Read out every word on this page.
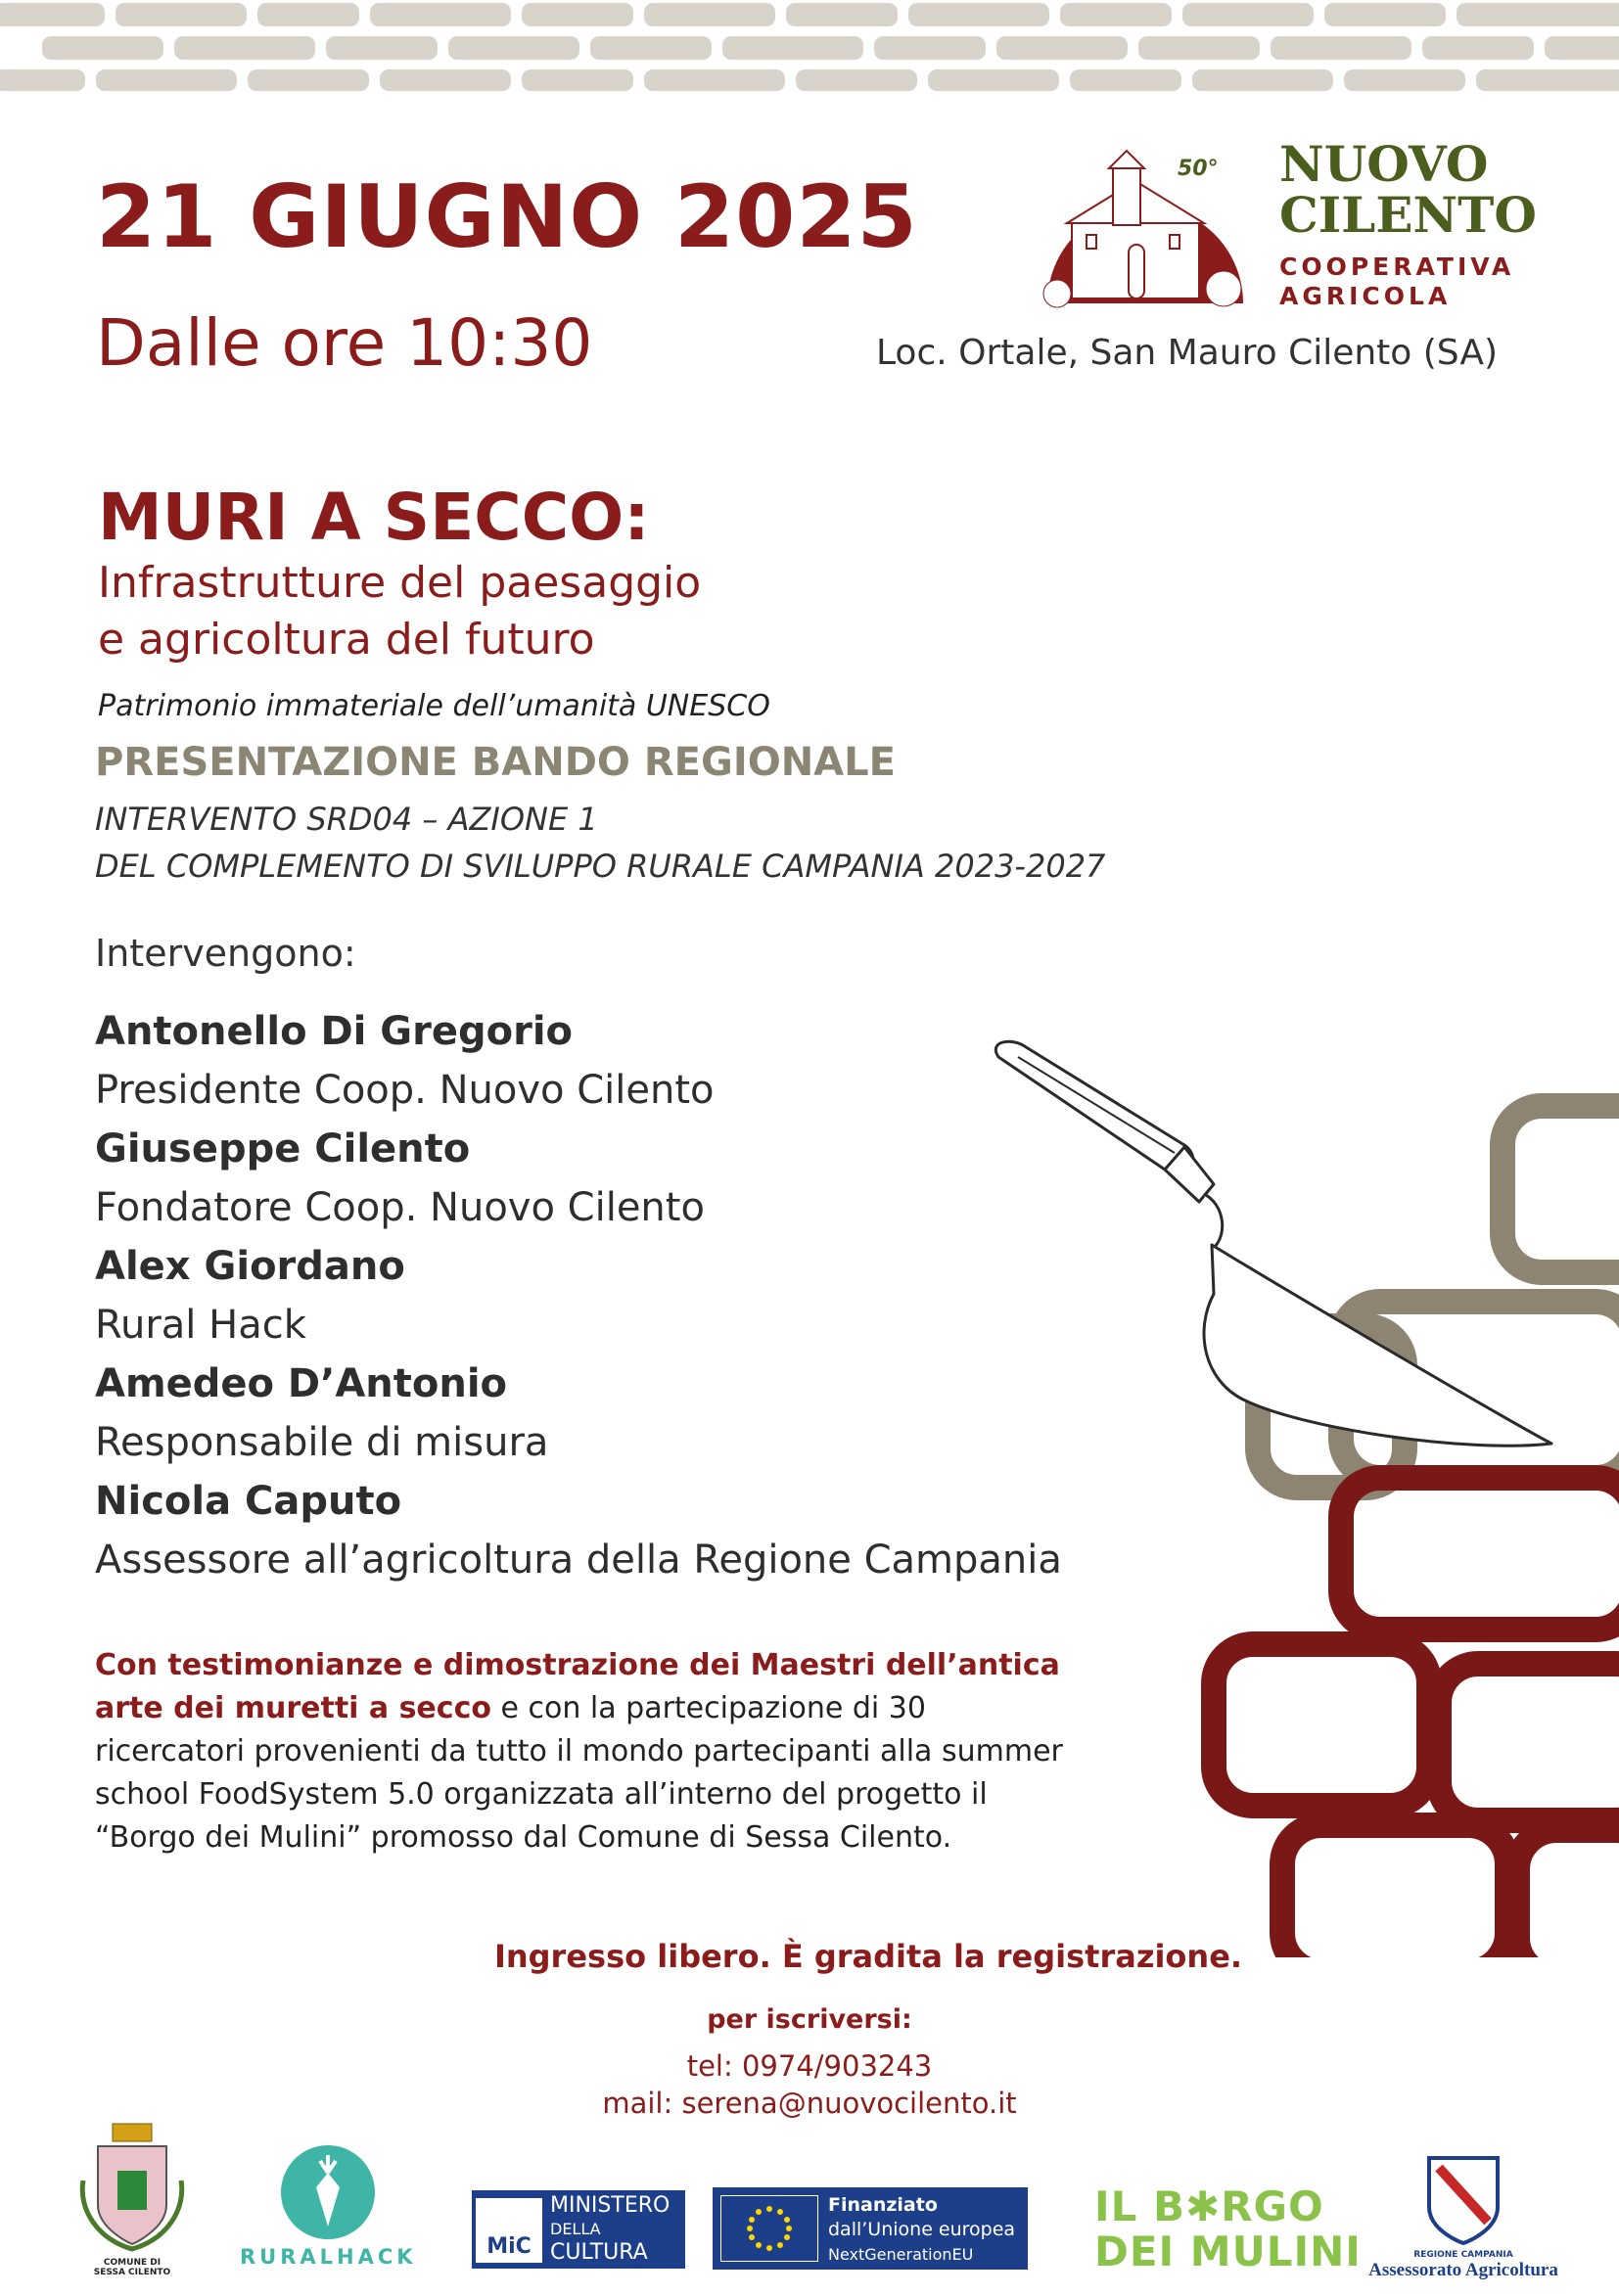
21 GIUGNO 2025
Dalle ore 10:30	Loc. Ortale, San Mauro Cilento (SA)
50° NUOVO
CILENTO
COOPERATIVA
AGRICOLA
MURI A SECCO:
Infrastrutture del paesaggio
e agricoltura del futuro
Patrimonio immateriale dell’umanità UNESCO
PRESENTAZIONE BANDO REGIONALE
INTERVENTO SRD04 – AZIONE 1
DEL COMPLEMENTO DI SVILUPPO RURALE CAMPANIA 2023-2027
Intervengono:
Antonello Di Gregorio
Presidente Coop. Nuovo Cilento
Giuseppe Cilento
Fondatore Coop. Nuovo Cilento
Alex Giordano
Rural Hack
Amedeo D’Antonio
Responsabile di misura
Nicola Caputo
Assessore all’agricoltura della Regione Campania
Con testimonianze e dimostrazione dei Maestri dell’antica arte dei muretti a secco e con la partecipazione di 30 ricercatori provenienti da tutto il mondo partecipanti alla summer school FoodSystem 5.0 organizzata all’interno del progetto il “Borgo dei Mulini” promosso dal Comune di Sessa Cilento.
Ingresso libero. È gradita la registrazione.
per iscriversi:
tel: 0974/903243
mail: serena@nuovocilento.it
COMUNE DI
SESSA CILENTO
RURALHACK	MiC
MINISTERO
DELLA
CULTURA
Finanziato
dall’Unione europea
NextGenerationEU
IL B✱RGO
DEI MULINI	REGIONE CAMPANIA
Assessorato Agricoltura
